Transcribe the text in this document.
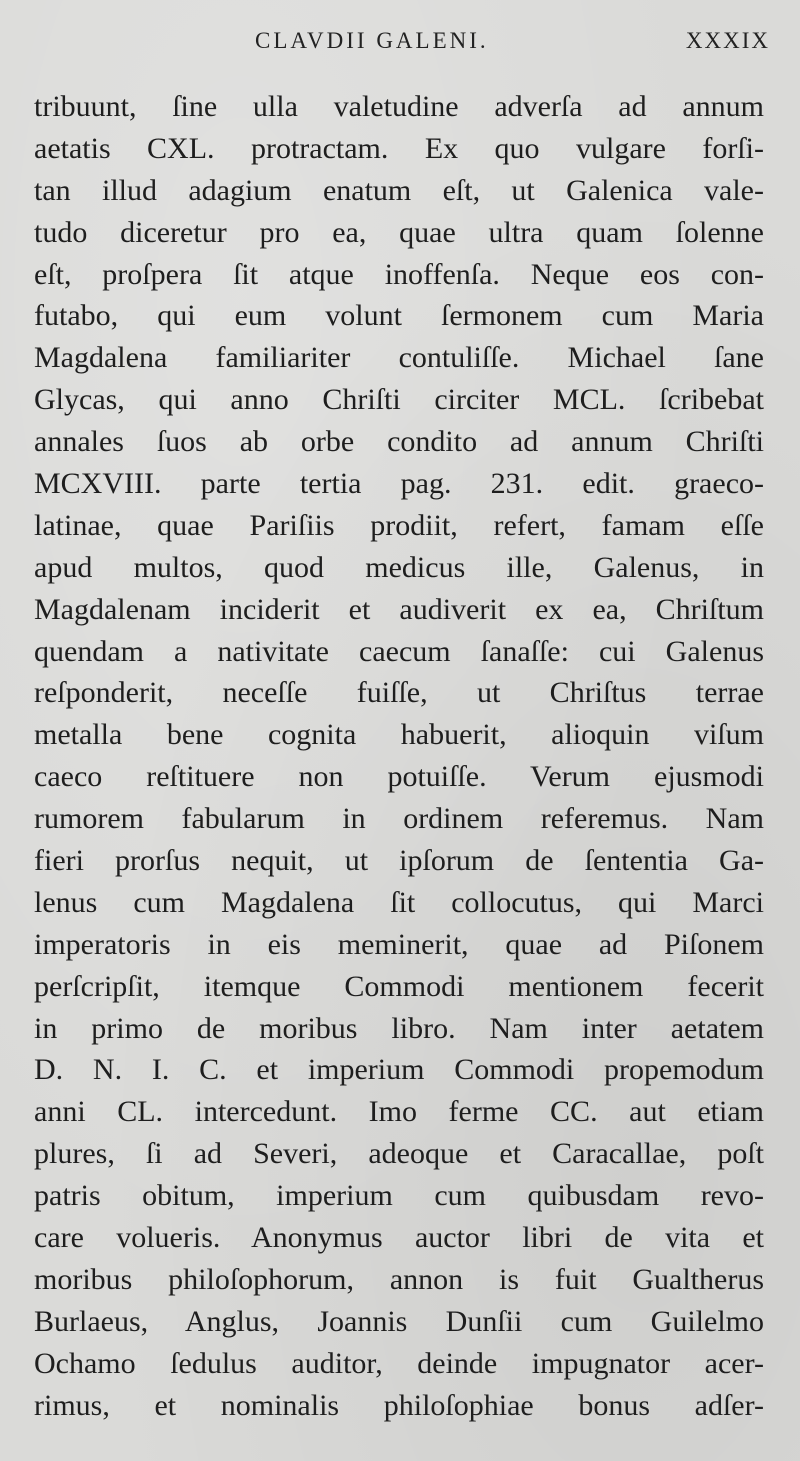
CLAVDII GALENI.	XXXIX
tribuunt, ſine ulla valetudine adverſa ad annum
aetatis CXL. protractam. Ex quo vulgare forſi-
tan illud adagium enatum eſt, ut Galenica vale-
tudo diceretur pro ea, quae ultra quam ſolenne
eſt, proſpera ſit atque inoffenſa. Neque eos con-
futabo, qui eum volunt ſermonem cum Maria
Magdalena familiariter contuliſſe. Michael ſane
Glycas, qui anno Chriſti circiter MCL. ſcribebat
annales ſuos ab orbe condito ad annum Chriſti
MCXVIII. parte tertia pag. 231. edit. graeco-
latinae, quae Pariſiis prodiit, refert, famam eſſe
apud multos, quod medicus ille, Galenus, in
Magdalenam inciderit et audiverit ex ea, Chriſtum
quendam a nativitate caecum ſanaſſe: cui Galenus
reſponderit, neceſſe fuiſſe, ut Chriſtus terrae
metalla bene cognita habuerit, alioquin viſum
caeco reſtituere non potuiſſe. Verum ejusmodi
rumorem fabularum in ordinem referemus. Nam
fieri prorſus nequit, ut ipſorum de ſententia Ga-
lenus cum Magdalena ſit collocutus, qui Marci
imperatoris in eis meminerit, quae ad Piſonem
perſcripſit, itemque Commodi mentionem fecerit
in primo de moribus libro. Nam inter aetatem
D. N. I. C. et imperium Commodi propemodum
anni CL. intercedunt. Imo ferme CC. aut etiam
plures, ſi ad Severi, adeoque et Caracallae, poſt
patris obitum, imperium cum quibusdam revo-
care volueris. Anonymus auctor libri de vita et
moribus philoſophorum, annon is fuit Gualtherus
Burlaeus, Anglus, Joannis Dunſii cum Guilelmo
Ochamo ſedulus auditor, deinde impugnator acer-
rimus, et nominalis philoſophiae bonus adſer-
